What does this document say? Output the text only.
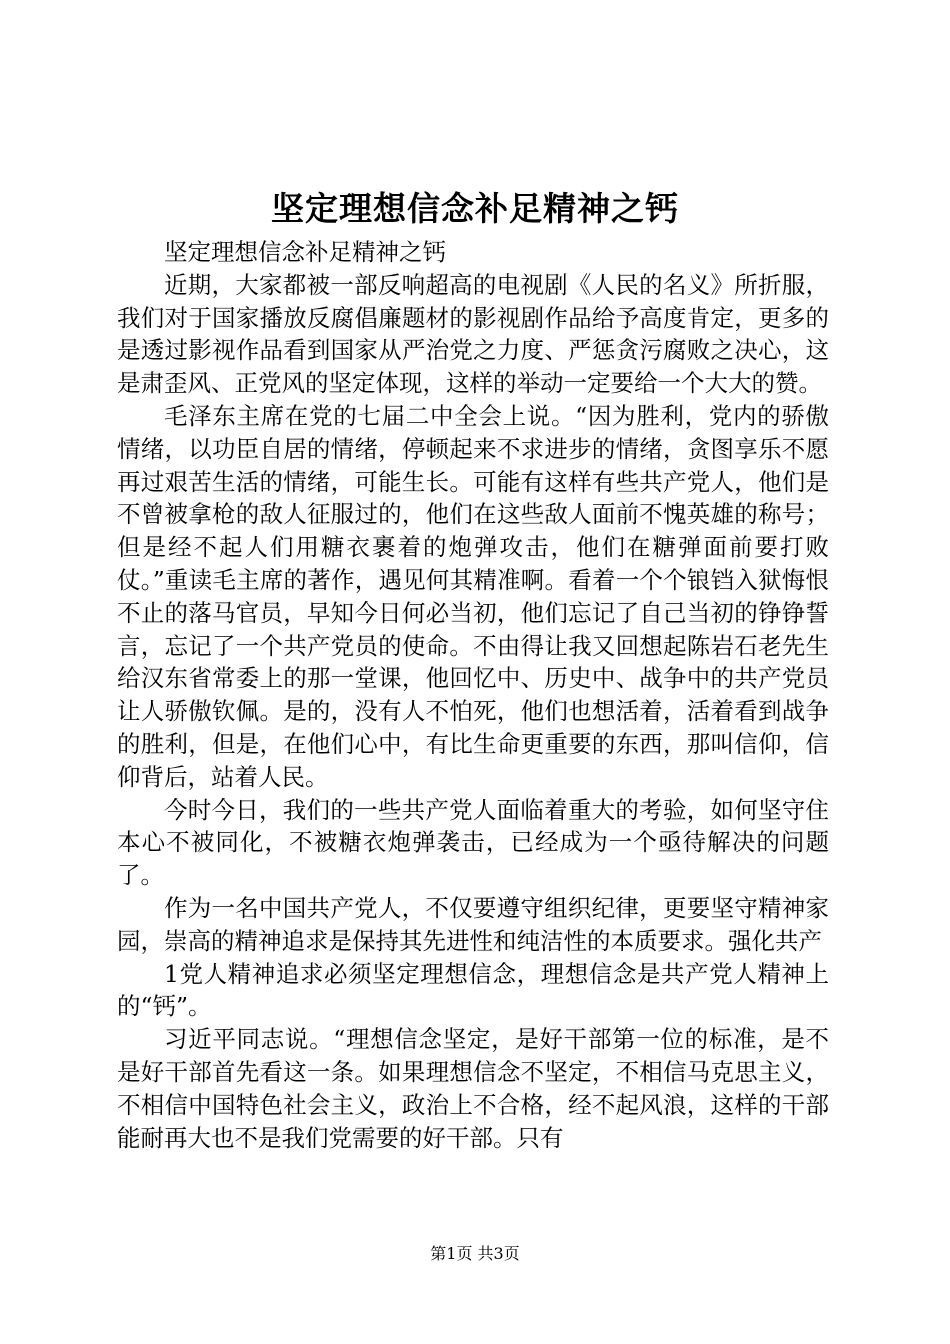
坚定理想信念补足精神之钙

坚定理想信念补足精神之钙

近期，大家都被一部反响超高的电视剧《人民的名义》所折服，我们对于国家播放反腐倡廉题材的影视剧作品给予高度肯定，更多的是透过影视作品看到国家从严治党之力度、严惩贪污腐败之决心，这是肃歪风、正党风的坚定体现，这样的举动一定要给一个大大的赞。

毛泽东主席在党的七届二中全会上说。“因为胜利，党内的骄傲情绪，以功臣自居的情绪，停顿起来不求进步的情绪，贪图享乐不愿再过艰苦生活的情绪，可能生长。可能有这样有些共产党人，他们是不曾被拿枪的敌人征服过的，他们在这些敌人面前不愧英雄的称号；但是经不起人们用糖衣裹着的炮弹攻击，他们在糖弹面前要打败仗。”重读毛主席的著作，遇见何其精准啊。看着一个个锒铛入狱悔恨不止的落马官员，早知今日何必当初，他们忘记了自己当初的铮铮誓言，忘记了一个共产党员的使命。不由得让我又回想起陈岩石老先生给汉东省常委上的那一堂课，他回忆中、历史中、战争中的共产党员让人骄傲钦佩。是的，没有人不怕死，他们也想活着，活着看到战争的胜利，但是，在他们心中，有比生命更重要的东西，那叫信仰，信仰背后，站着人民。

今时今日，我们的一些共产党人面临着重大的考验，如何坚守住本心不被同化，不被糖衣炮弹袭击，已经成为一个亟待解决的问题了。

作为一名中国共产党人，不仅要遵守组织纪律，更要坚守精神家园，崇高的精神追求是保持其先进性和纯洁性的本质要求。强化共产

1党人精神追求必须坚定理想信念，理想信念是共产党人精神上的“钙”。

习近平同志说。“理想信念坚定，是好干部第一位的标准，是不是好干部首先看这一条。如果理想信念不坚定，不相信马克思主义，不相信中国特色社会主义，政治上不合格，经不起风浪，这样的干部能耐再大也不是我们党需要的好干部。只有

第1页 共3页
